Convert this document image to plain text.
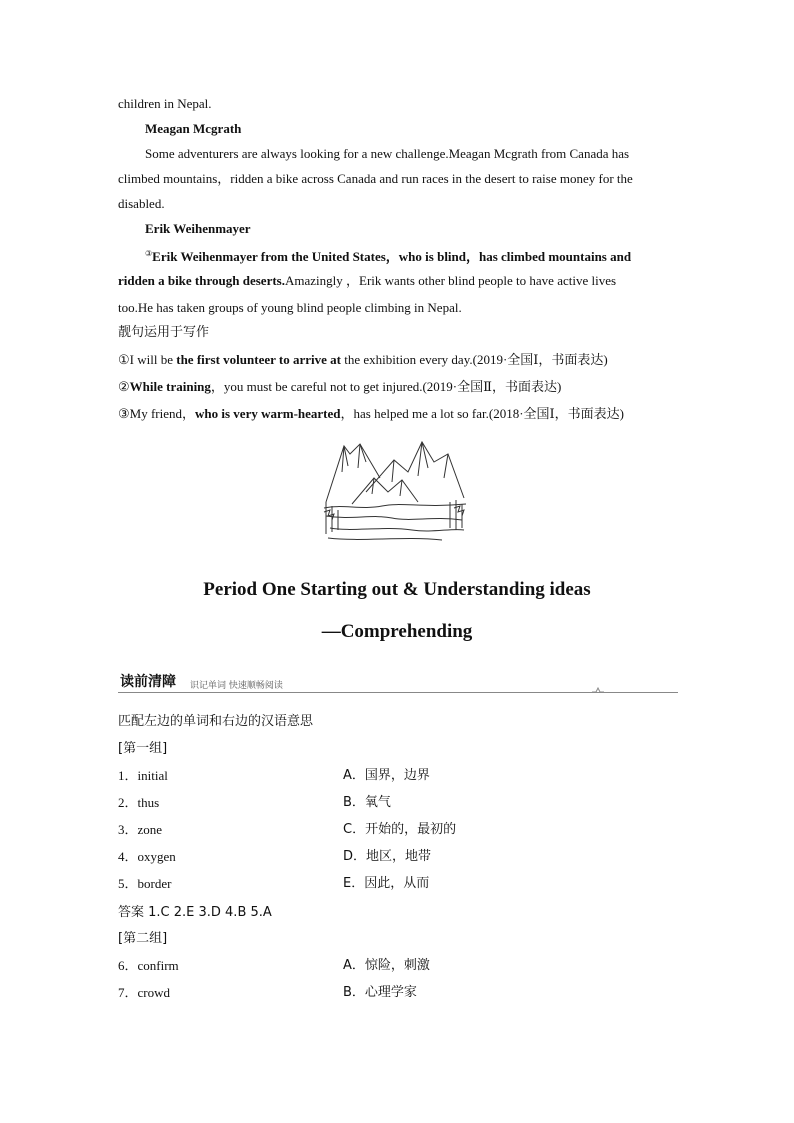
children in Nepal.
Meagan Mcgrath
Some adventurers are always looking for a new challenge.Meagan Mcgrath from Canada has
climbed mountains，ridden a bike across Canada and run races in the desert to raise money for the
disabled.
Erik Weihenmayer
③Erik Weihenmayer from the United States，who is blind，has climbed mountains and
ridden a bike through deserts.Amazingly ，Erik wants other blind people to have active lives
too.He has taken groups of young blind people climbing in Nepal.
靓句运用于写作
①I will be the first volunteer to arrive at the exhibition every day.(2019·全国Ⅰ，书面表达)
②While training，you must be careful not to get injured.(2019·全国Ⅱ，书面表达)
③My friend，who is very warm-hearted，has helped me a lot so far.(2018·全国Ⅰ，书面表达)
Period One Starting out & Understanding ideas
—Comprehending
读前清障 识记单词 快速顺畅阅读
匹配左边的单词和右边的汉语意思
[第一组]
1．initial	A．国界，边界
2．thus	B．氧气
3．zone	C．开始的，最初的
4．oxygen	D．地区，地带
5．border	E．因此，从而
答案 1.C 2.E 3.D 4.B 5.A
[第二组]
6．confirm	A．惊险，刺激
7．crowd	B．心理学家
